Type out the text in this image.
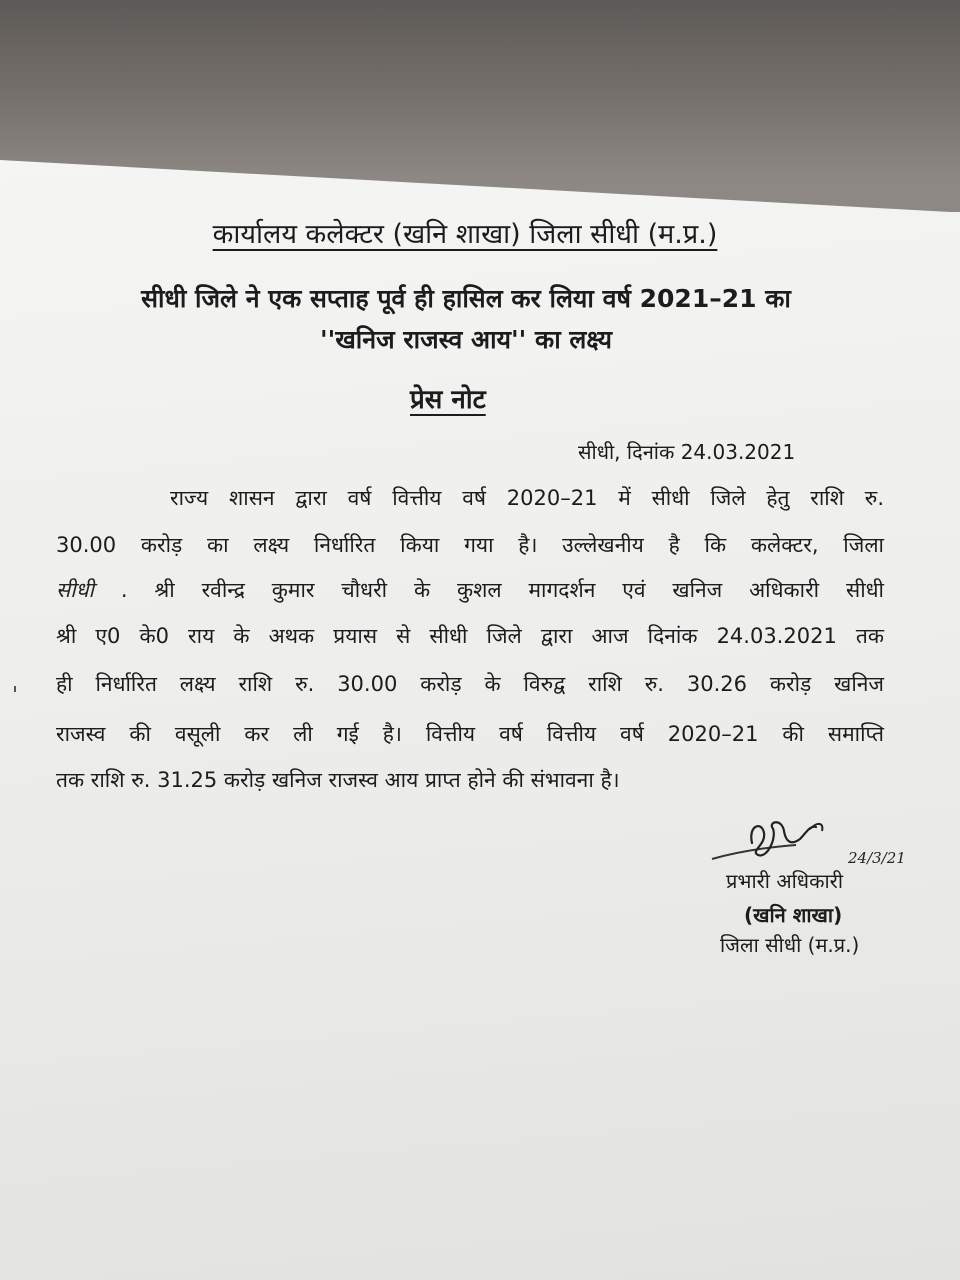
कार्यालय कलेक्टर (खनि शाखा) जिला सीधी (म.प्र.)
सीधी जिले ने एक सप्ताह पूर्व ही हासिल कर लिया वर्ष 2021–21 का
''खनिज राजस्व आय'' का लक्ष्य
प्रेस नोट
सीधी, दिनांक 24.03.2021
राज्य शासन द्वारा वर्ष वित्तीय वर्ष 2020–21 में सीधी जिले हेतु राशि रु.
30.00 करोड़ का लक्ष्य निर्धारित किया गया है। उल्लेखनीय है कि कलेक्टर, जिला
सीधी . श्री रवीन्द्र कुमार चौधरी के कुशल मागदर्शन एवं खनिज अधिकारी सीधी
श्री ए0 के0 राय के अथक प्रयास से सीधी जिले द्वारा आज दिनांक 24.03.2021 तक
ही निर्धारित लक्ष्य राशि रु. 30.00 करोड़ के विरुद्व राशि रु. 30.26 करोड़ खनिज
राजस्व की वसूली कर ली गई है। वित्तीय वर्ष वित्तीय वर्ष 2020–21 की समाप्ति
तक राशि रु. 31.25 करोड़ खनिज राजस्व आय प्राप्त होने की संभावना है।
24/3/21
प्रभारी अधिकारी
(खनि शाखा)
जिला सीधी (म.प्र.)
